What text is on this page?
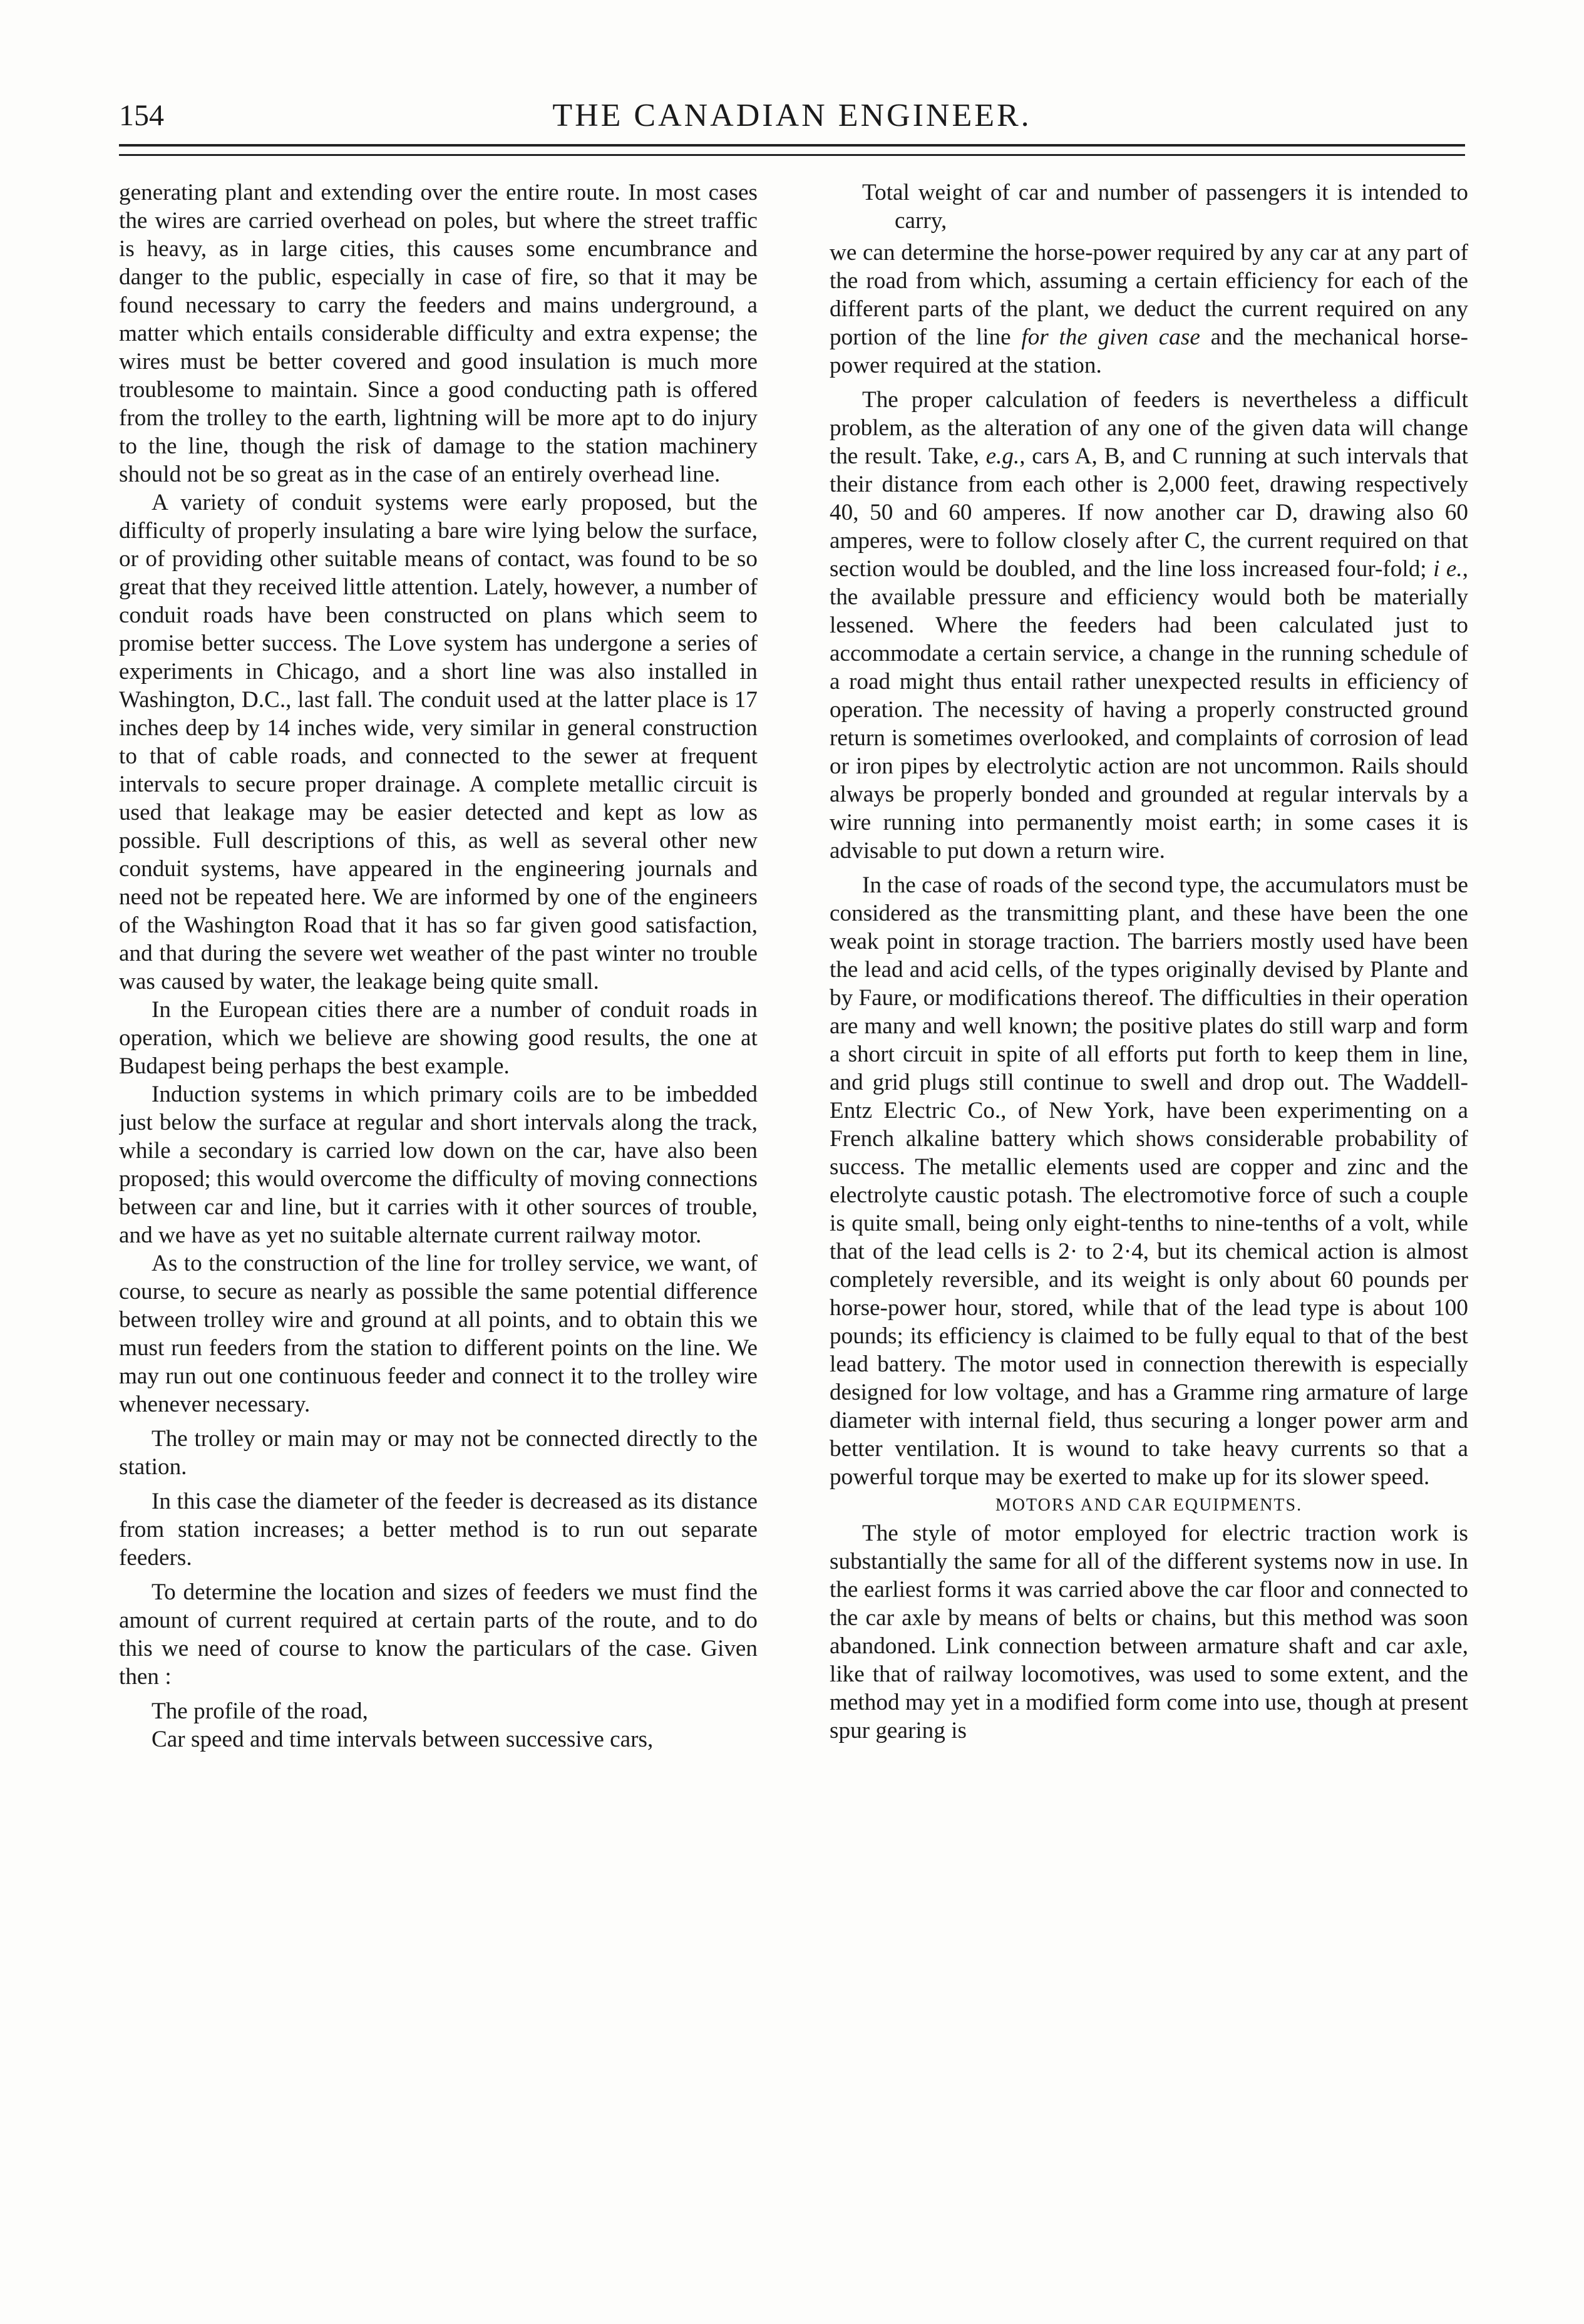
154	THE CANADIAN ENGINEER.

generating plant and extending over the entire route. In most cases the wires are carried overhead on poles, but where the street traffic is heavy, as in large cities, this causes some encumbrance and danger to the public, especially in case of fire, so that it may be found necessary to carry the feeders and mains underground, a matter which entails considerable difficulty and extra expense; the wires must be better covered and good insulation is much more troublesome to maintain. Since a good conducting path is offered from the trolley to the earth, lightning will be more apt to do injury to the line, though the risk of damage to the station machinery should not be so great as in the case of an entirely overhead line.

A variety of conduit systems were early proposed, but the difficulty of properly insulating a bare wire lying below the surface, or of providing other suitable means of contact, was found to be so great that they received little attention. Lately, however, a number of conduit roads have been constructed on plans which seem to promise better success. The Love system has undergone a series of experiments in Chicago, and a short line was also installed in Washington, D.C., last fall. The conduit used at the latter place is 17 inches deep by 14 inches wide, very similar in general construction to that of cable roads, and connected to the sewer at frequent intervals to secure proper drainage. A complete metallic circuit is used that leakage may be easier detected and kept as low as possible. Full descriptions of this, as well as several other new conduit systems, have appeared in the engineering journals and need not be repeated here. We are informed by one of the engineers of the Washington Road that it has so far given good satisfaction, and that during the severe wet weather of the past winter no trouble was caused by water, the leakage being quite small.

In the European cities there are a number of conduit roads in operation, which we believe are showing good results, the one at Budapest being perhaps the best example.

Induction systems in which primary coils are to be imbedded just below the surface at regular and short intervals along the track, while a secondary is carried low down on the car, have also been proposed; this would overcome the difficulty of moving connections between car and line, but it carries with it other sources of trouble, and we have as yet no suitable alternate current railway motor.

As to the construction of the line for trolley service, we want, of course, to secure as nearly as possible the same potential difference between trolley wire and ground at all points, and to obtain this we must run feeders from the station to different points on the line. We may run out one continuous feeder and connect it to the trolley wire whenever necessary.

The trolley or main may or may not be connected directly to the station.

In this case the diameter of the feeder is decreased as its distance from station increases; a better method is to run out separate feeders.

To determine the location and sizes of feeders we must find the amount of current required at certain parts of the route, and to do this we need of course to know the particulars of the case. Given then :

The profile of the road,

Car speed and time intervals between successive cars,

Total weight of car and number of passengers it is intended to carry,

we can determine the horse-power required by any car at any part of the road from which, assuming a certain efficiency for each of the different parts of the plant, we deduct the current required on any portion of the line for the given case and the mechanical horse-power required at the station.

The proper calculation of feeders is nevertheless a difficult problem, as the alteration of any one of the given data will change the result. Take, e.g., cars A, B, and C running at such intervals that their distance from each other is 2,000 feet, drawing respectively 40, 50 and 60 amperes. If now another car D, drawing also 60 amperes, were to follow closely after C, the current required on that section would be doubled, and the line loss increased four-fold; i e., the available pressure and efficiency would both be materially lessened. Where the feeders had been calculated just to accommodate a certain service, a change in the running schedule of a road might thus entail rather unexpected results in efficiency of operation. The necessity of having a properly constructed ground return is sometimes overlooked, and complaints of corrosion of lead or iron pipes by electrolytic action are not uncommon. Rails should always be properly bonded and grounded at regular intervals by a wire running into permanently moist earth; in some cases it is advisable to put down a return wire.

In the case of roads of the second type, the accumulators must be considered as the transmitting plant, and these have been the one weak point in storage traction. The barriers mostly used have been the lead and acid cells, of the types originally devised by Plante and by Faure, or modifications thereof. The difficulties in their operation are many and well known; the positive plates do still warp and form a short circuit in spite of all efforts put forth to keep them in line, and grid plugs still continue to swell and drop out. The Waddell-Entz Electric Co., of New York, have been experimenting on a French alkaline battery which shows considerable probability of success. The metallic elements used are copper and zinc and the electrolyte caustic potash. The electromotive force of such a couple is quite small, being only eight-tenths to nine-tenths of a volt, while that of the lead cells is 2· to 2·4, but its chemical action is almost completely reversible, and its weight is only about 60 pounds per horse-power hour, stored, while that of the lead type is about 100 pounds; its efficiency is claimed to be fully equal to that of the best lead battery. The motor used in connection therewith is especially designed for low voltage, and has a Gramme ring armature of large diameter with internal field, thus securing a longer power arm and better ventilation. It is wound to take heavy currents so that a powerful torque may be exerted to make up for its slower speed.

MOTORS AND CAR EQUIPMENTS.

The style of motor employed for electric traction work is substantially the same for all of the different systems now in use. In the earliest forms it was carried above the car floor and connected to the car axle by means of belts or chains, but this method was soon abandoned. Link connection between armature shaft and car axle, like that of railway locomotives, was used to some extent, and the method may yet in a modified form come into use, though at present spur gearing is
